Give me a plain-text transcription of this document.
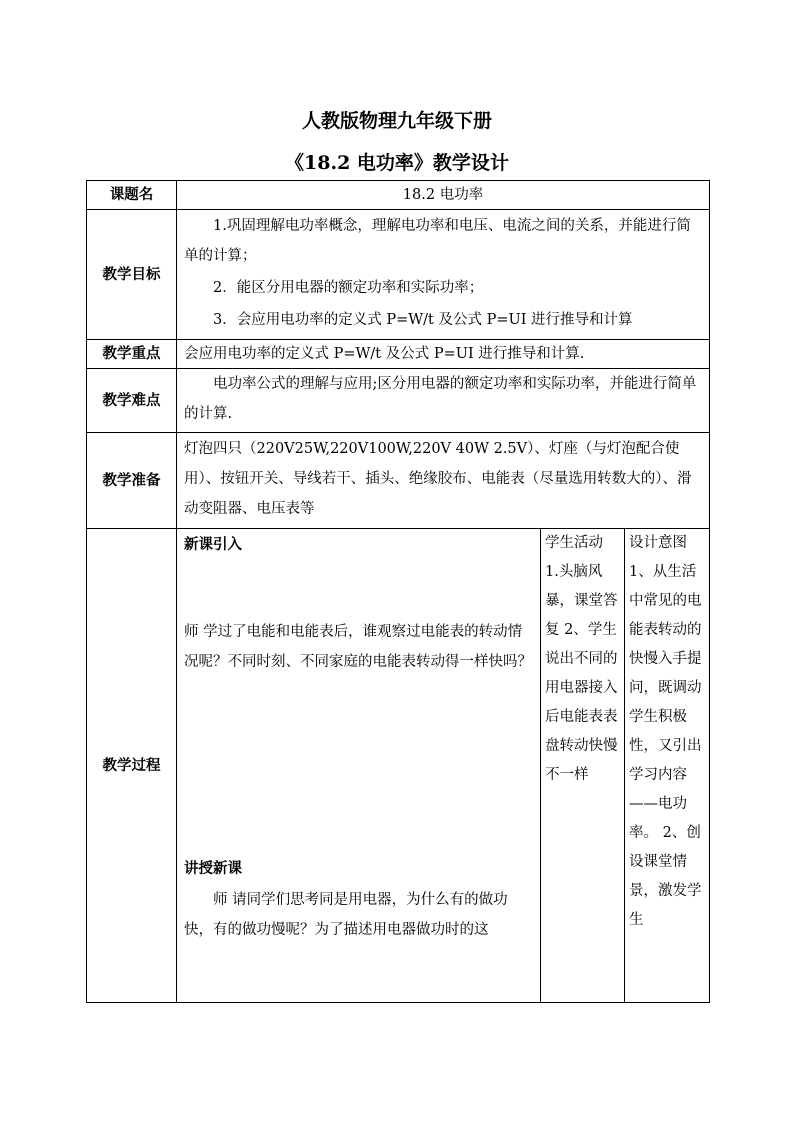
人教版物理九年级下册
《18.2 电功率》教学设计
课题名	18.2 电功率		
教学目标	1.巩固理解电功率概念，理解电功率和电压、电流之间的关系，并能进行简单的计算；

2．能区分用电器的额定功率和实际功率；

3．会应用电功率的定义式 P=W/t 及公式 P=UI 进行推导和计算		

教学重点	会应用电功率的定义式 P=W/t 及公式 P=UI 进行推导和计算.		
教学难点	电功率公式的理解与应用;区分用电器的额定功率和实际功率，并能进行简单的计算.		

教学准备	灯泡四只（220V25W,220V100W,220V 40W 2.5V）、灯座（与灯泡配合使用）、按钮开关、导线若干、插头、绝缘胶布、电能表（尽量选用转数大的）、滑动变阻器、电压表等		
教学过程	新课引入

师 学过了电能和电能表后，谁观察过电能表的转动情况呢？不同时刻、不同家庭的电能表转动得一样快吗？

讲授新课

师 请同学们思考同是用电器，为什么有的做功快，有的做功慢呢？为了描述用电器做功时的这	学生活动 1.头脑风暴，课堂答复 2、学生说出不同的用电器接入后电能表表盘转动快慢不一样	设计意图 1、从生活中常见的电能表转动的快慢入手提问，既调动学生积极性，又引出学习内容——电功率。 2、创设课堂情景，激发学生
